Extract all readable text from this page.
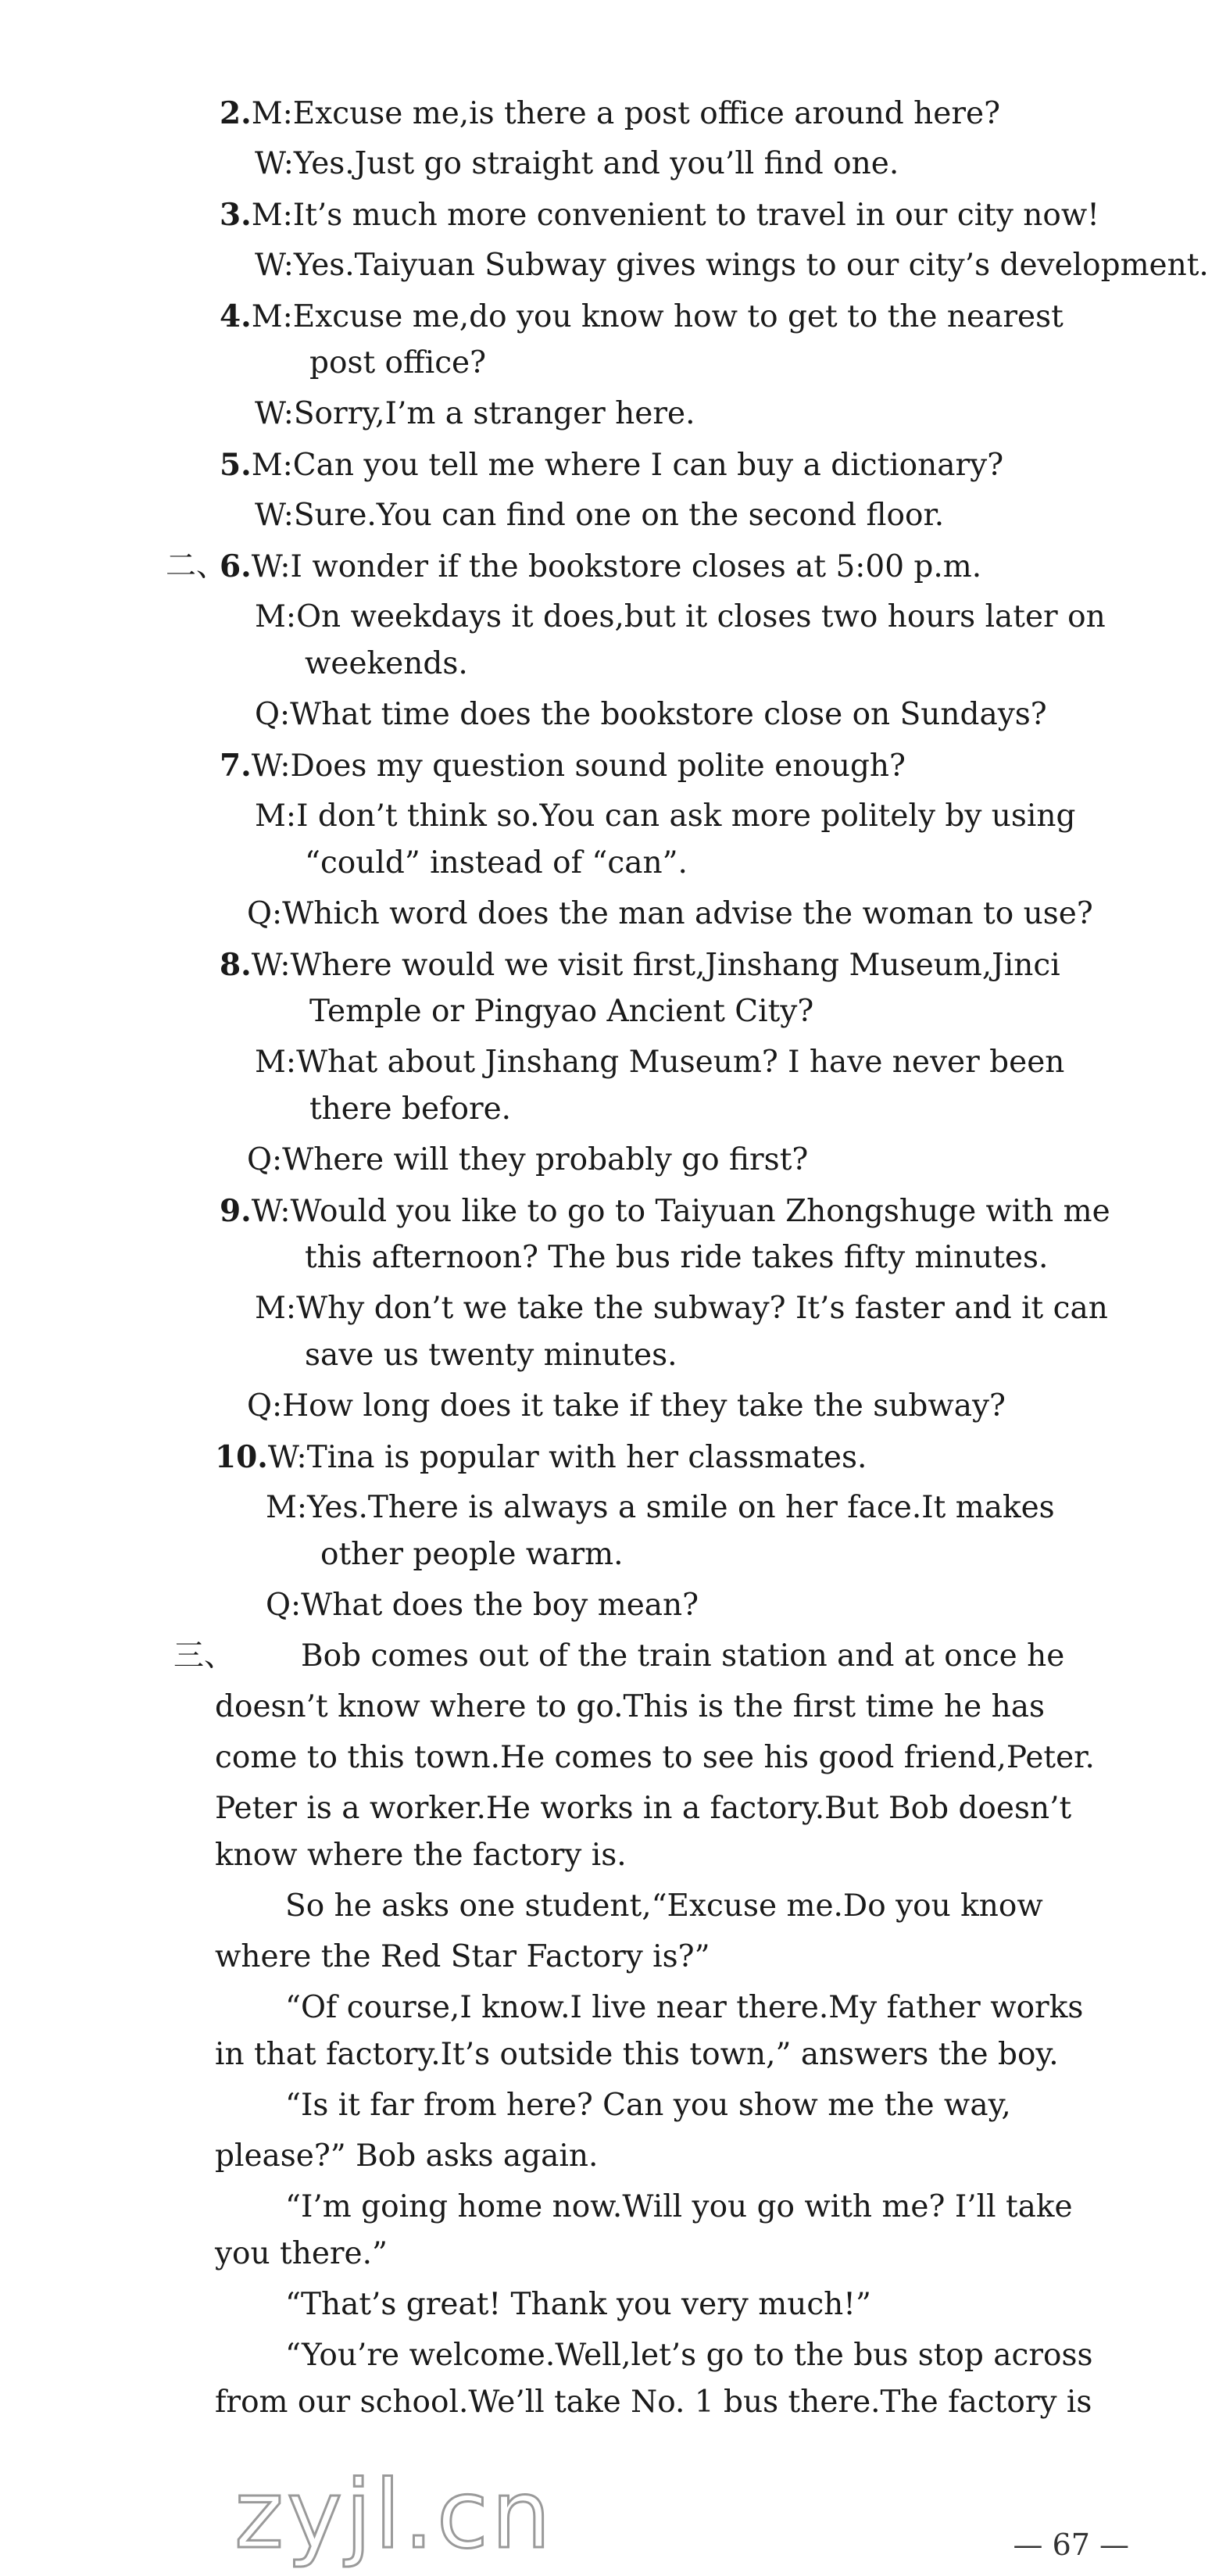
2.M:Excuse me,is there a post office around here?
W:Yes.Just go straight and you’ll find one.
3.M:It’s much more convenient to travel in our city now!
W:Yes.Taiyuan Subway gives wings to our city’s development.
4.M:Excuse me,do you know how to get to the nearest
post office?
W:Sorry,I’m a stranger here.
5.M:Can you tell me where I can buy a dictionary?
W:Sure.You can find one on the second floor.
6.W:I wonder if the bookstore closes at 5:00 p.m.
M:On weekdays it does,but it closes two hours later on
weekends.
Q:What time does the bookstore close on Sundays?
7.W:Does my question sound polite enough?
M:I don’t think so.You can ask more politely by using
“could” instead of “can”.
Q:Which word does the man advise the woman to use?
8.W:Where would we visit first,Jinshang Museum,Jinci
Temple or Pingyao Ancient City?
M:What about Jinshang Museum? I have never been
there before.
Q:Where will they probably go first?
9.W:Would you like to go to Taiyuan Zhongshuge with me
this afternoon? The bus ride takes fifty minutes.
M:Why don’t we take the subway? It’s faster and it can
save us twenty minutes.
Q:How long does it take if they take the subway?
10.W:Tina is popular with her classmates.
M:Yes.There is always a smile on her face.It makes
other people warm.
Q:What does the boy mean?
Bob comes out of the train station and at once he
doesn’t know where to go.This is the first time he has
come to this town.He comes to see his good friend,Peter.
Peter is a worker.He works in a factory.But Bob doesn’t
know where the factory is.
So he asks one student,“Excuse me.Do you know
where the Red Star Factory is?”
“Of course,I know.I live near there.My father works
in that factory.It’s outside this town,” answers the boy.
“Is it far from here? Can you show me the way,
please?” Bob asks again.
“I’m going home now.Will you go with me? I’ll take
you there.”
“That’s great! Thank you very much!”
“You’re welcome.Well,let’s go to the bus stop across
from our school.We’ll take No. 1 bus there.The factory is
二、
三、
— 67 —
zyjl.cn
